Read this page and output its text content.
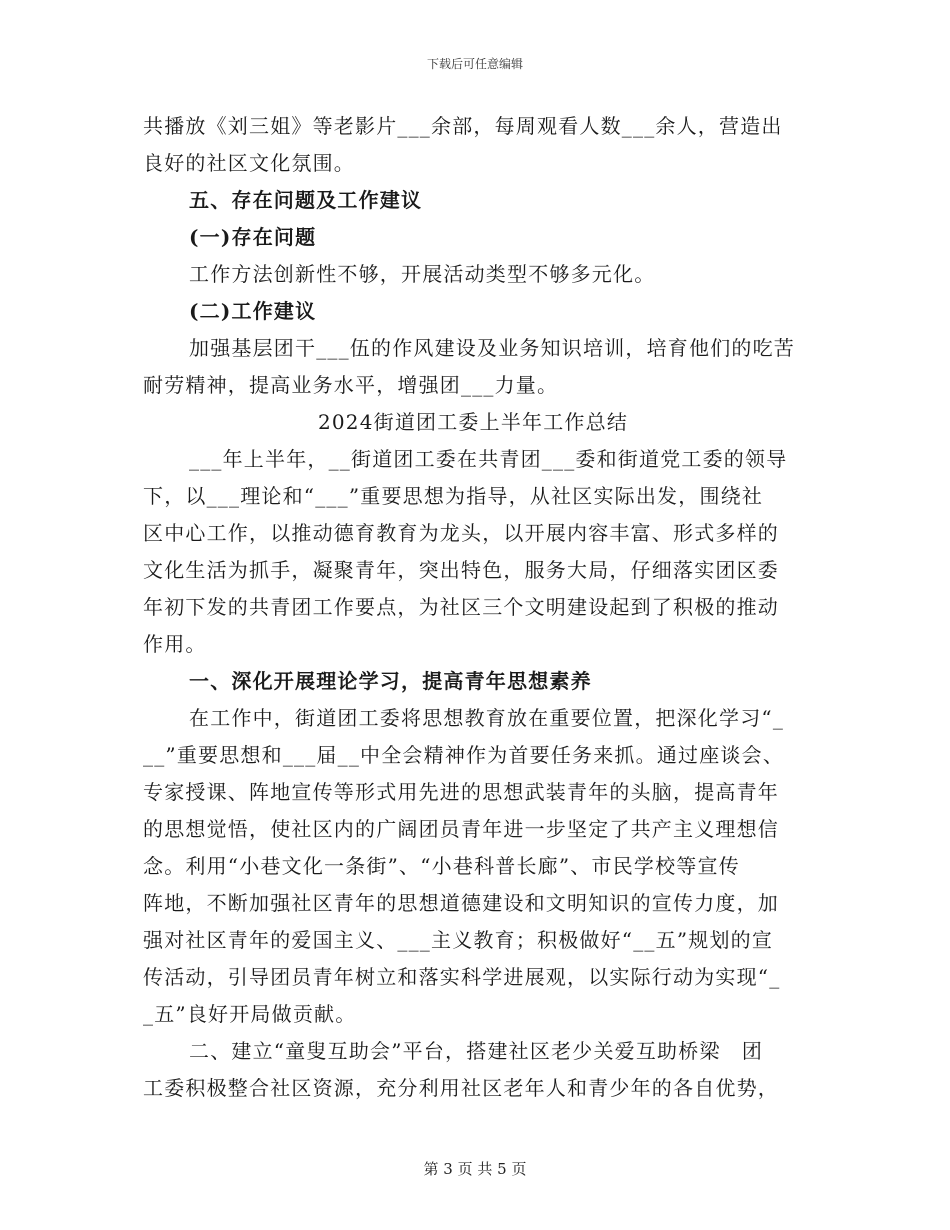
下载后可任意编辑
共播放《刘三姐》等老影片___余部，每周观看人数___余人，营造出
良好的社区文化氛围。
五、存在问题及工作建议
(一)存在问题
工作方法创新性不够，开展活动类型不够多元化。
(二)工作建议
加强基层团干___伍的作风建设及业务知识培训，培育他们的吃苦
耐劳精神，提高业务水平，增强团___力量。
2024街道团工委上半年工作总结
___年上半年，__街道团工委在共青团___委和街道党工委的领导
下，以___理论和“___”重要思想为指导，从社区实际出发，围绕社
区中心工作，以推动德育教育为龙头，以开展内容丰富、形式多样的
文化生活为抓手，凝聚青年，突出特色，服务大局，仔细落实团区委
年初下发的共青团工作要点，为社区三个文明建设起到了积极的推动
作用。
一、深化开展理论学习，提高青年思想素养
在工作中，街道团工委将思想教育放在重要位置，把深化学习“_
__”重要思想和___届__中全会精神作为首要任务来抓。通过座谈会、
专家授课、阵地宣传等形式用先进的思想武装青年的头脑，提高青年
的思想觉悟，使社区内的广阔团员青年进一步坚定了共产主义理想信
念。利用“小巷文化一条街”、“小巷科普长廊”、市民学校等宣传
阵地，不断加强社区青年的思想道德建设和文明知识的宣传力度，加
强对社区青年的爱国主义、___主义教育；积极做好“__五”规划的宣
传活动，引导团员青年树立和落实科学进展观，以实际行动为实现“_
_五”良好开局做贡献。
二、建立“童叟互助会”平台，搭建社区老少关爱互助桥梁　团
工委积极整合社区资源，充分利用社区老年人和青少年的各自优势，
第 3 页 共 5 页
